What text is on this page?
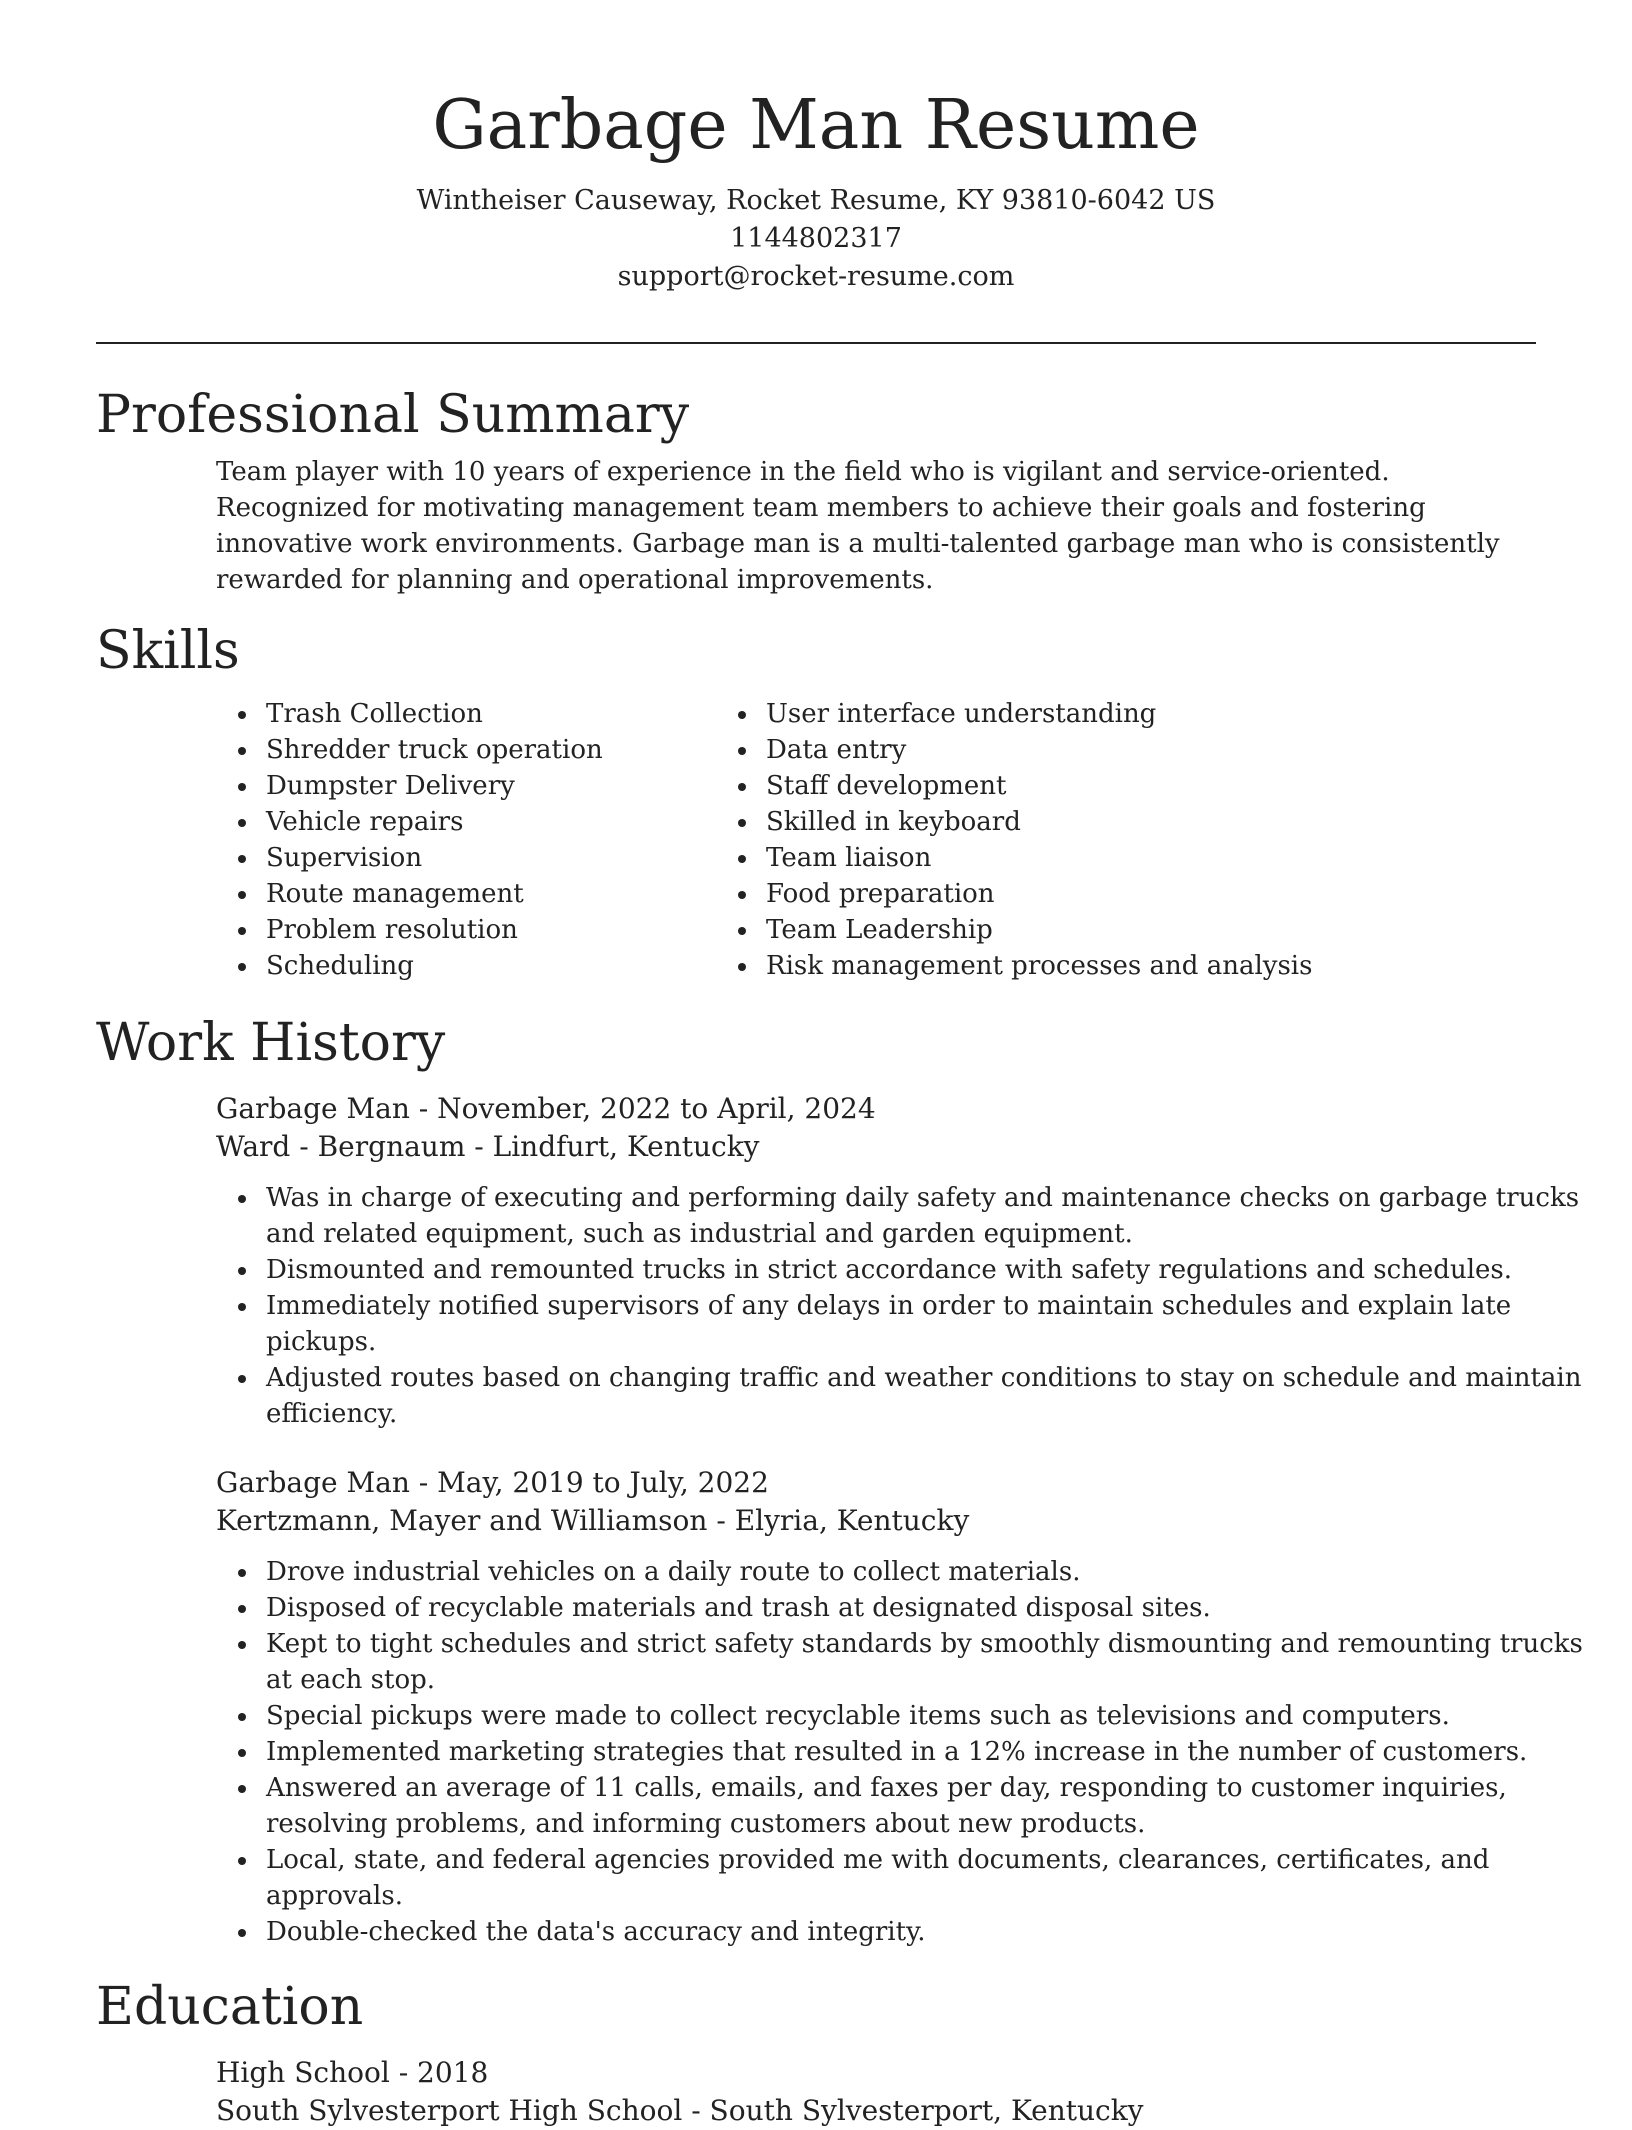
Garbage Man Resume
Wintheiser Causeway, Rocket Resume, KY 93810-6042 US
1144802317
support@rocket-resume.com
Professional Summary

Team player with 10 years of experience in the field who is vigilant and service-oriented. Recognized for motivating management team members to achieve their goals and fostering innovative work environments. Garbage man is a multi-talented garbage man who is consistently rewarded for planning and operational improvements.

Skills
• Trash Collection
• Shredder truck operation
• Dumpster Delivery
• Vehicle repairs
• Supervision
• Route management
• Problem resolution
• Scheduling
• User interface understanding
• Data entry
• Staff development
• Skilled in keyboard
• Team liaison
• Food preparation
• Team Leadership
• Risk management processes and analysis
Work History
Garbage Man - November, 2022 to April, 2024
Ward - Bergnaum - Lindfurt, Kentucky
• Was in charge of executing and performing daily safety and maintenance checks on garbage trucks and related equipment, such as industrial and garden equipment.
• Dismounted and remounted trucks in strict accordance with safety regulations and schedules.
• Immediately notified supervisors of any delays in order to maintain schedules and explain late pickups.
• Adjusted routes based on changing traffic and weather conditions to stay on schedule and maintain efficiency.
Garbage Man - May, 2019 to July, 2022
Kertzmann, Mayer and Williamson - Elyria, Kentucky
• Drove industrial vehicles on a daily route to collect materials.
• Disposed of recyclable materials and trash at designated disposal sites.
• Kept to tight schedules and strict safety standards by smoothly dismounting and remounting trucks at each stop.
• Special pickups were made to collect recyclable items such as televisions and computers.
• Implemented marketing strategies that resulted in a 12% increase in the number of customers.
• Answered an average of 11 calls, emails, and faxes per day, responding to customer inquiries, resolving problems, and informing customers about new products.
• Local, state, and federal agencies provided me with documents, clearances, certificates, and approvals.
• Double-checked the data's accuracy and integrity.
Education
High School - 2018
South Sylvesterport High School - South Sylvesterport, Kentucky
